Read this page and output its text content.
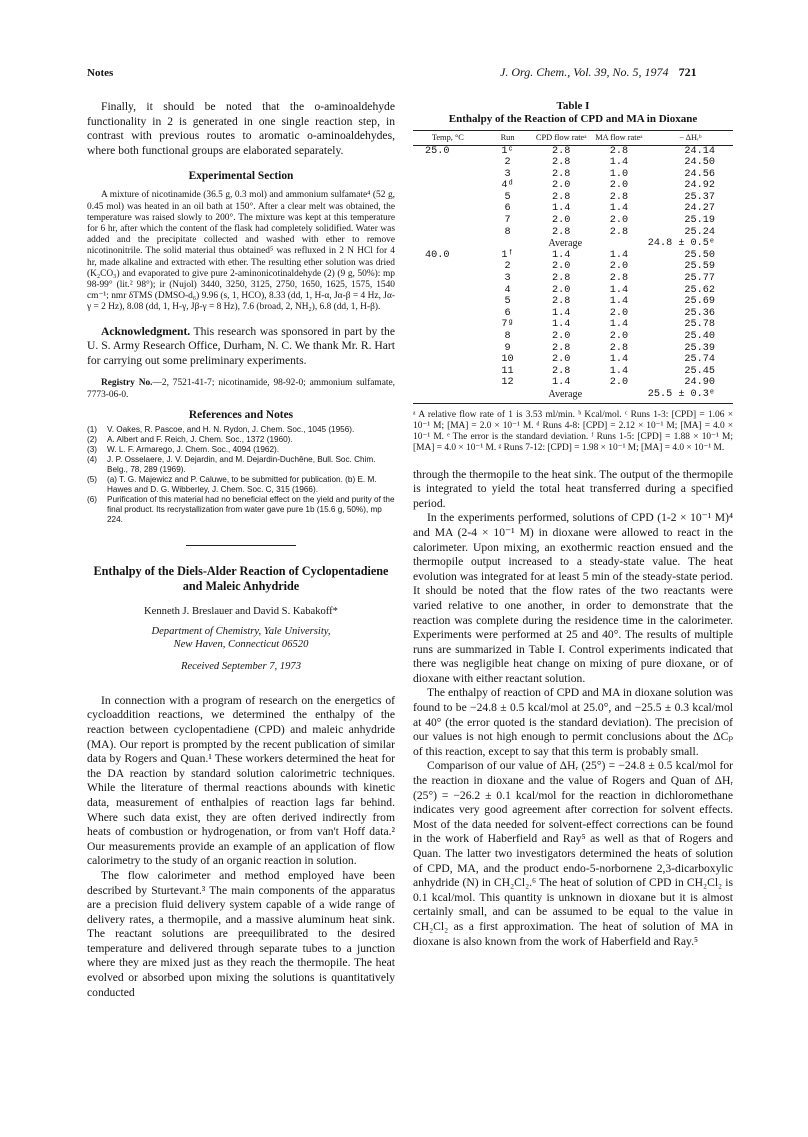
Notes	J. Org. Chem., Vol. 39, No. 5, 1974 721

Finally, it should be noted that the o-aminoaldehyde functionality in 2 is generated in one single reaction step, in contrast with previous routes to aromatic o-aminoaldehydes, where both functional groups are elaborated separately.

Experimental Section

A mixture of nicotinamide (36.5 g, 0.3 mol) and ammonium sulfamate⁴ (52 g, 0.45 mol) was heated in an oil bath at 150°. After a clear melt was obtained, the temperature was raised slowly to 200°. The mixture was kept at this temperature for 6 hr, after which the content of the flask had completely solidified. Water was added and the precipitate collected and washed with ether to remove nicotinonitrile. The solid material thus obtained⁵ was refluxed in 2 N HCl for 4 hr, made alkaline and extracted with ether. The resulting ether solution was dried (K₂CO₃) and evaporated to give pure 2-aminonicotinaldehyde (2) (9 g, 50%): mp 98-99° (lit.² 98°); ir (Nujol) 3440, 3250, 3125, 2750, 1650, 1625, 1575, 1540 cm⁻¹; nmr δTMS (DMSO-d₆) 9.96 (s, 1, HCO), 8.33 (dd, 1, H-α, Jα-β = 4 Hz, Jα-γ = 2 Hz), 8.08 (dd, 1, H-γ, Jβ-γ = 8 Hz), 7.6 (broad, 2, NH₂), 6.8 (dd, 1, H-β).

Acknowledgment. This research was sponsored in part by the U. S. Army Research Office, Durham, N. C. We thank Mr. R. Hart for carrying out some preliminary experiments.

Registry No.—2, 7521-41-7; nicotinamide, 98-92-0; ammonium sulfamate, 7773-06-0.

References and Notes
(1)	V. Oakes, R. Pascoe, and H. N. Rydon, J. Chem. Soc., 1045 (1956).
(2)	A. Albert and F. Reich, J. Chem. Soc., 1372 (1960).
(3)	W. L. F. Armarego, J. Chem. Soc., 4094 (1962).
(4)	J. P. Osselaere, J. V. Dejardin, and M. Dejardin-Duchêne, Bull. Soc. Chim. Belg., 78, 289 (1969).
(5)	(a) T. G. Majewicz and P. Caluwe, to be submitted for publication. (b) E. M. Hawes and D. G. Wibberley, J. Chem. Soc. C, 315 (1966).
(6)	Purification of this material had no beneficial effect on the yield and purity of the final product. Its recrystallization from water gave pure 1b (15.6 g, 50%), mp 224.
Enthalpy of the Diels-Alder Reaction of Cyclopentadiene and Maleic Anhydride
Kenneth J. Breslauer and David S. Kabakoff*
Department of Chemistry, Yale University,
New Haven, Connecticut 06520
Received September 7, 1973

In connection with a program of research on the energetics of cycloaddition reactions, we determined the enthalpy of the reaction between cyclopentadiene (CPD) and maleic anhydride (MA). Our report is prompted by the recent publication of similar data by Rogers and Quan.¹ These workers determined the heat for the DA reaction by standard solution calorimetric techniques. While the literature of thermal reactions abounds with kinetic data, measurement of enthalpies of reaction lags far behind. Where such data exist, they are often derived indirectly from heats of combustion or hydrogenation, or from van't Hoff data.² Our measurements provide an example of an application of flow calorimetry to the study of an organic reaction in solution.

The flow calorimeter and method employed have been described by Sturtevant.³ The main components of the apparatus are a precision fluid delivery system capable of a wide range of delivery rates, a thermopile, and a massive aluminum heat sink. The reactant solutions are preequilibrated to the desired temperature and delivered through separate tubes to a junction where they are mixed just as they reach the thermopile. The heat evolved or absorbed upon mixing the solutions is quantitatively conducted

Table I
Enthalpy of the Reaction of CPD and MA in Dioxane
Temp, °C	Run	CPD flow rateᵃ	MA flow rateᵃ	− ΔHᵣᵇ
25.0	1ᶜ	2.8	2.8	24.14
	2	2.8	1.4	24.50
	3	2.8	1.0	24.56
	4ᵈ	2.0	2.0	24.92
	5	2.8	2.8	25.37
	6	1.4	1.4	24.27
	7	2.0	2.0	25.19
	8	2.8	2.8	25.24
	Average			24.8 ± 0.5ᵉ
40.0	1ᶠ	1.4	1.4	25.50
	2	2.0	2.0	25.59
	3	2.8	2.8	25.77
	4	2.0	1.4	25.62
	5	2.8	1.4	25.69
	6	1.4	2.0	25.36
	7ᵍ	1.4	1.4	25.78
	8	2.0	2.0	25.40
	9	2.8	2.8	25.39
	10	2.0	1.4	25.74
	11	2.8	1.4	25.45
	12	1.4	2.0	24.90
	Average			25.5 ± 0.3ᵉ

ᵃ A relative flow rate of 1 is 3.53 ml/min. ᵇ Kcal/mol. ᶜ Runs 1-3: [CPD] = 1.06 × 10⁻¹ M; [MA] = 2.0 × 10⁻¹ M. ᵈ Runs 4-8: [CPD] = 2.12 × 10⁻¹ M; [MA] = 4.0 × 10⁻¹ M. ᵉ The error is the standard deviation. ᶠ Runs 1-5: [CPD] = 1.88 × 10⁻¹ M; [MA] = 4.0 × 10⁻¹ M. ᵍ Runs 7-12: [CPD] = 1.98 × 10⁻¹ M; [MA] = 4.0 × 10⁻¹ M.

through the thermopile to the heat sink. The output of the thermopile is integrated to yield the total heat transferred during a specified period.

In the experiments performed, solutions of CPD (1-2 × 10⁻¹ M)⁴ and MA (2-4 × 10⁻¹ M) in dioxane were allowed to react in the calorimeter. Upon mixing, an exothermic reaction ensued and the thermopile output increased to a steady-state value. The heat evolution was integrated for at least 5 min of the steady-state period. It should be noted that the flow rates of the two reactants were varied relative to one another, in order to demonstrate that the reaction was complete during the residence time in the calorimeter. Experiments were performed at 25 and 40°. The results of multiple runs are summarized in Table I. Control experiments indicated that there was negligible heat change on mixing of pure dioxane, or of dioxane with either reactant solution.

The enthalpy of reaction of CPD and MA in dioxane solution was found to be −24.8 ± 0.5 kcal/mol at 25.0°, and −25.5 ± 0.3 kcal/mol at 40° (the error quoted is the standard deviation). The precision of our values is not high enough to permit conclusions about the ΔCₚ of this reaction, except to say that this term is probably small.

Comparison of our value of ΔHᵣ (25°) = −24.8 ± 0.5 kcal/mol for the reaction in dioxane and the value of Rogers and Quan of ΔHᵣ (25°) = −26.2 ± 0.1 kcal/mol for the reaction in dichloromethane indicates very good agreement after correction for solvent effects. Most of the data needed for solvent-effect corrections can be found in the work of Haberfield and Ray⁵ as well as that of Rogers and Quan. The latter two investigators determined the heats of solution of CPD, MA, and the product endo-5-norbornene 2,3-dicarboxylic anhydride (N) in CH₂Cl₂.⁶ The heat of solution of CPD in CH₂Cl₂ is 0.1 kcal/mol. This quantity is unknown in dioxane but it is almost certainly small, and can be assumed to be equal to the value in CH₂Cl₂ as a first approximation. The heat of solution of MA in dioxane is also known from the work of Haberfield and Ray.⁵
